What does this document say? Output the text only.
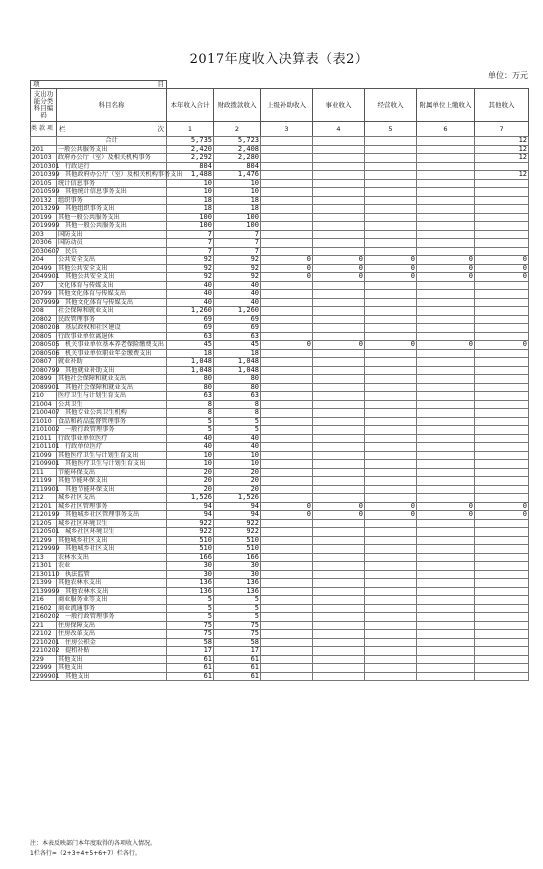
2017年度收入决算表（表2）
单位：万元
项 目								

支出功能分类科目编码	科目名称	本年收入合计	财政拨款收入	上级补助收入	事业收入	经营收入	附属单位上缴收入	其他收入
类 款 项	栏 次	1	2	3	4	5	6	7
	合计	5,735	5,723					12
201	一般公共服务支出	2,420	2,408					12
20103	政府办公厅（室）及相关机构事务	2,292	2,280					12
2010301	行政运行	804	804					
2010399	其他政府办公厅（室）及相关机构事务支出	1,488	1,476					12
20105	统计信息事务	10	10					
2010599	其他统计信息事务支出	10	10					
20132	组织事务	18	18					
2013299	其他组织事务支出	18	18					
20199	其他一般公共服务支出	100	100					
2019999	其他一般公共服务支出	100	100					
203	国防支出	7	7					
20306	国防动员	7	7					
2030607	民兵	7	7					
204	公共安全支出	92	92	0	0	0	0	0
20499	其他公共安全支出	92	92	0	0	0	0	0
2049901	其他公共安全支出	92	92	0	0	0	0	0
207	文化体育与传媒支出	40	40					
20799	其他文化体育与传媒支出	40	40					
2079999	其他文化体育与传媒支出	40	40					
208	社会保障和就业支出	1,260	1,260					
20802	民政管理事务	69	69					
2080208	基层政权和社区建设	69	69					
20805	行政事业单位离退休	63	63					
2080505	机关事业单位基本养老保险缴费支出	45	45	0	0	0	0	0
2080506	机关事业单位职业年金缴费支出	18	18					
20807	就业补助	1,048	1,048					
2080799	其他就业补助支出	1,048	1,048					
20899	其他社会保障和就业支出	80	80					
2089901	其他社会保障和就业支出	80	80					
210	医疗卫生与计划生育支出	63	63					
21004	公共卫生	8	8					
2100407	其他专业公共卫生机构	8	8					
21010	食品和药品监督管理事务	5	5					
2101002	一般行政管理事务	5	5					
21011	行政事业单位医疗	40	40					
2101101	行政单位医疗	40	40					
21099	其他医疗卫生与计划生育支出	10	10					
2109901	其他医疗卫生与计划生育支出	10	10					
211	节能环保支出	20	20					
21199	其他节能环保支出	20	20					
2119901	其他节能环保支出	20	20					
212	城乡社区支出	1,526	1,526					
21201	城乡社区管理事务	94	94	0	0	0	0	0
2120199	其他城乡社区管理事务支出	94	94	0	0	0	0	0
21205	城乡社区环境卫生	922	922					
2120501	城乡社区环境卫生	922	922					
21299	其他城乡社区支出	510	510					
2129999	其他城乡社区支出	510	510					
213	农林水支出	166	166					
21301	农业	30	30					
2130110	执法监管	30	30					
21399	其他农林水支出	136	136					
2139999	其他农林水支出	136	136					
216	商业服务业等支出	5	5					
21602	商业流通事务	5	5					
2160202	一般行政管理事务	5	5					
221	住房保障支出	75	75					
22102	住房改革支出	75	75					
2210201	住房公积金	58	58					
2210202	提租补贴	17	17					
229	其他支出	61	61					
22999	其他支出	61	61					
2299901	其他支出	61	61					
注：本表反映部门本年度取得的各项收入情况。
1栏各行=（2+3+4+5+6+7）栏各行。
